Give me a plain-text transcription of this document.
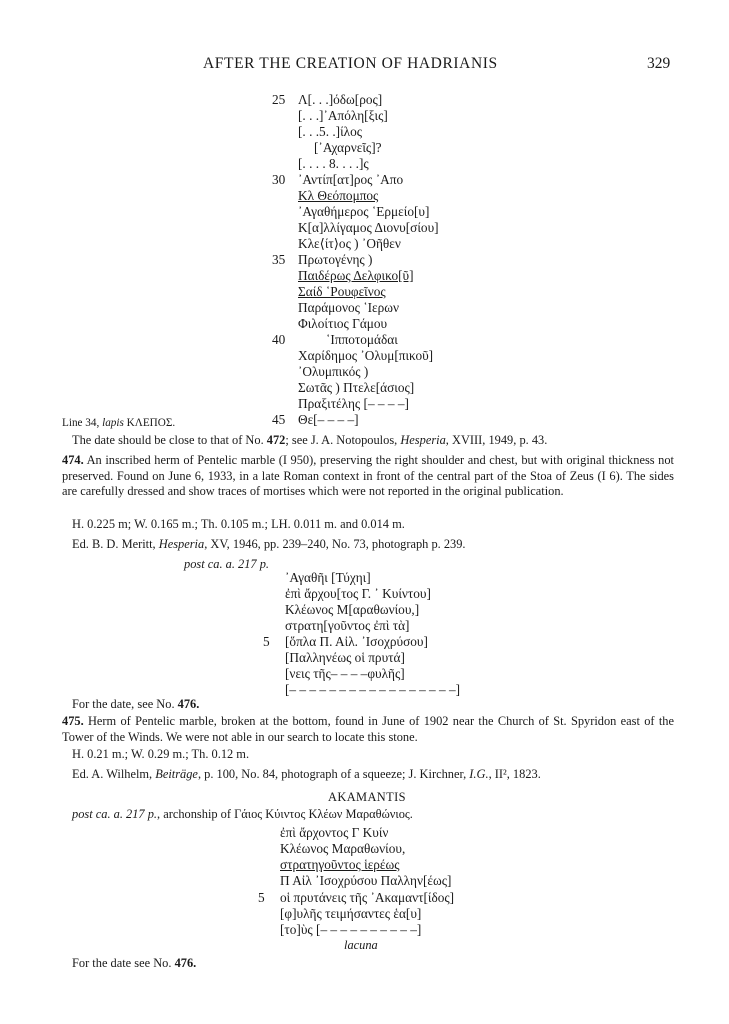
AFTER THE CREATION OF HADRIANIS	329
25 Λ[. . .]όδω[ρος]
[. . .]᾽Απόλη[ξις]
[. . .5. .]ίλος
[᾽Αχαρνεῖς]?
[. . . . 8. . . .]ς
30 ᾽Αντίπ[ατ]ρος ᾽Απο
Κλ Θεόπομπος
᾽Αγαθήμερος ῾Ερμείο[υ]
Κ[α]λλίγαμος Διονυ[σίου]
Κλε⟨ίτ⟩ος ) ᾽Οῆθεν
35 Πρωτογένης )
Παιδέρως Δελφικο[ῦ]
Σαίδ ῾Ρουφεῖνος
Παράμονος ῾Ιερων
Φιλοίτιος Γάμου
40	῾Ιπποτομάδαι
Χαρίδημος ᾽Ολυμ[πικοῦ]
᾽Ολυμπικός )
Σωτᾶς ) Πτελε[άσιος]
Πραξιτέλης [– – – –]
45 Θε[– – – –]
Line 34, lapis ΚΛΕΠΟΣ.
The date should be close to that of No. 472; see J. A. Notopoulos, Hesperia, XVIII, 1949, p. 43.
474. An inscribed herm of Pentelic marble (I 950), preserving the right shoulder and chest, but with original thickness not preserved. Found on June 6, 1933, in a late Roman context in front of the central part of the Stoa of Zeus (I 6). The sides are carefully dressed and show traces of mortises which were not reported in the original publication.
H. 0.225 m; W. 0.165 m.; Th. 0.105 m.; LH. 0.011 m. and 0.014 m.
Ed. B. D. Meritt, Hesperia, XV, 1946, pp. 239–240, No. 73, photograph p. 239.
post ca. a. 217 p.
᾽Αγαθῆι [Τύχηι]
ἐπὶ ἄρχου[τος Γ. ᾽ Κυίντου]
Κλέωνος Μ[αραθωνίου,]
στρατη[γοῦντος ἐπὶ τὰ]
5 [ὅπλα Π. Αἰλ. ᾽Ισοχρύσου]
[Παλληνέως οἱ πρυτά]
[νεις τῆς– – – –φυλῆς]
[– – – – – – – – – – – – – – – – –]
For the date, see No. 476.
475. Herm of Pentelic marble, broken at the bottom, found in June of 1902 near the Church of St. Spyridon east of the Tower of the Winds. We were not able in our search to locate this stone.
H. 0.21 m.; W. 0.29 m.; Th. 0.12 m.
Ed. A. Wilhelm, Beiträge, p. 100, No. 84, photograph of a squeeze; J. Kirchner, I.G., II², 1823.
AKAMANTIS
post ca. a. 217 p., archonship of Γάιος Κύιντος Κλέων Μαραθώνιος.
ἐπὶ ἄρχοντος Γ Κυίν
Κλέωνος Μαραθωνίου,
στρατηγοῦντος ἱερέως
Π Αἰλ ᾽Ισοχρύσου Παλλην[έως]
5 οἱ πρυτάνεις τῆς ᾽Ακαμαντ[ίδος]
[φ]υλῆς τειμήσαντες ἑα[υ]
[το]ὺς [– – – – – – – – – –]
lacuna
For the date see No. 476.
